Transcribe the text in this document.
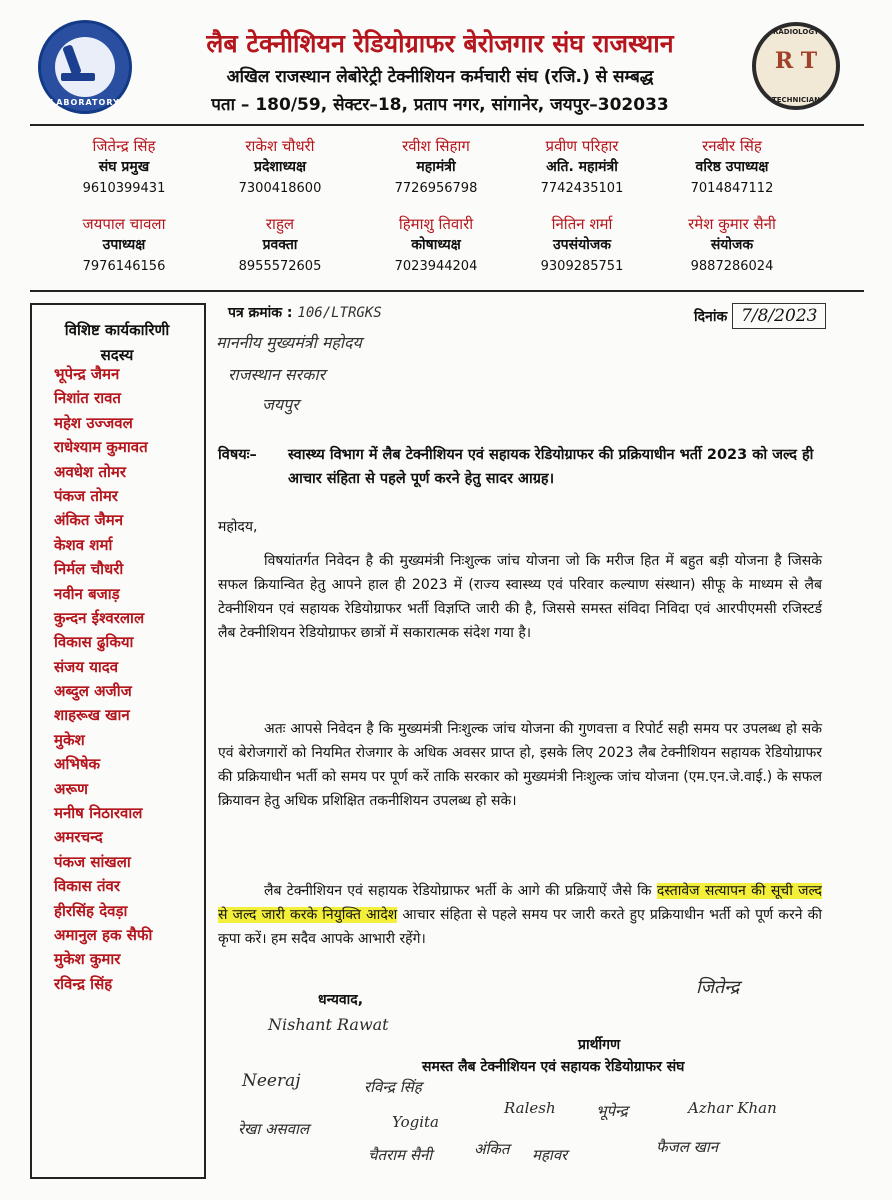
LABORATORY
लैब टेक्नीशियन रेडियोग्राफर बेरोजगार संघ राजस्थान
अखिल राजस्थान लेबोरेट्री टेक्नीशियन कर्मचारी संघ (रजि.) से सम्बद्ध
पता – 180/59, सेक्टर–18, प्रताप नगर, सांगानेर, जयपुर–302033
RADIOLOGY
R T
TECHNICIAN
जितेन्द्र सिंह
संघ प्रमुख
9610399431
राकेश चौधरी
प्रदेशाध्यक्ष
7300418600
रवीश सिहाग
महामंत्री
7726956798
प्रवीण परिहार
अति. महामंत्री
7742435101
रनबीर सिंह
वरिष्ठ उपाध्यक्ष
7014847112
जयपाल चावला
उपाध्यक्ष
7976146156
राहुल
प्रवक्ता
8955572605
हिमाशु तिवारी
कोषाध्यक्ष
7023944204
नितिन शर्मा
उपसंयोजक
9309285751
रमेश कुमार सैनी
संयोजक
9887286024
विशिष्ट कार्यकारिणी
सदस्य
भूपेन्द्र जैमन
निशांत रावत
महेश उज्जवल
राधेश्याम कुमावत
अवधेश तोमर
पंकज तोमर
अंकित जैमन
केशव शर्मा
निर्मल चौधरी
नवीन बजाड़
कुन्दन ईश्वरलाल
विकास ढुकिया
संजय यादव
अब्दुल अजीज
शाहरूख खान
मुकेश
अभिषेक
अरूण
मनीष निठारवाल
अमरचन्द
पंकज सांखला
विकास तंवर
हीरसिंह देवड़ा
अमानुल हक सैफी
मुकेश कुमार
रविन्द्र सिंह
पत्र क्रमांक : 106/LTRGKS	दिनांक 7/8/2023
माननीय मुख्यमंत्री महोदय
राजस्थान सरकार
जयपुर
विषयः– स्वास्थ्य विभाग में लैब टेक्नीशियन एवं सहायक रेडियोग्राफर की प्रक्रियाधीन भर्ती 2023 को जल्द ही आचार संहिता से पहले पूर्ण करने हेतु सादर आग्रह।
महोदय,
विषयांतर्गत निवेदन है की मुख्यमंत्री निःशुल्क जांच योजना जो कि मरीज हित में बहुत बड़ी योजना है जिसके सफल क्रियान्वित हेतु आपने हाल ही 2023 में (राज्य स्वास्थ्य एवं परिवार कल्याण संस्थान) सीफू के माध्यम से लैब टेक्नीशियन एवं सहायक रेडियोग्राफर भर्ती विज्ञप्ति जारी की है, जिससे समस्त संविदा निविदा एवं आरपीएमसी रजिस्टर्ड लैब टेक्नीशियन रेडियोग्राफर छात्रों में सकारात्मक संदेश गया है।
अतः आपसे निवेदन है कि मुख्यमंत्री निःशुल्क जांच योजना की गुणवत्ता व रिपोर्ट सही समय पर उपलब्ध हो सके एवं बेरोजगारों को नियमित रोजगार के अधिक अवसर प्राप्त हो, इसके लिए 2023 लैब टेक्नीशियन सहायक रेडियोग्राफर की प्रक्रियाधीन भर्ती को समय पर पूर्ण करें ताकि सरकार को मुख्यमंत्री निःशुल्क जांच योजना (एम.एन.जे.वाई.) के सफल क्रियावन हेतु अधिक प्रशिक्षित तकनीशियन उपलब्ध हो सके।
लैब टेक्नीशियन एवं सहायक रेडियोग्राफर भर्ती के आगे की प्रक्रियाऐं जैसे कि दस्तावेज सत्यापन की सूची जल्द से जल्द जारी करके नियुक्ति आदेश आचार संहिता से पहले समय पर जारी करते हुए प्रक्रियाधीन भर्ती को पूर्ण करने की कृपा करें। हम सदैव आपके आभारी रहेंगे।
धन्यवाद,
प्रार्थीगण
समस्त लैब टेक्नीशियन एवं सहायक रेडियोग्राफर संघ
जितेन्द्र
Nishant Rawat
Neeraj	रविन्द्र सिंह
Ralesh	भूपेन्द्र	Azhar Khan
रेखा असवाल	Yogita
चैतराम सैनी	अंकित महावर	फैजल खान
